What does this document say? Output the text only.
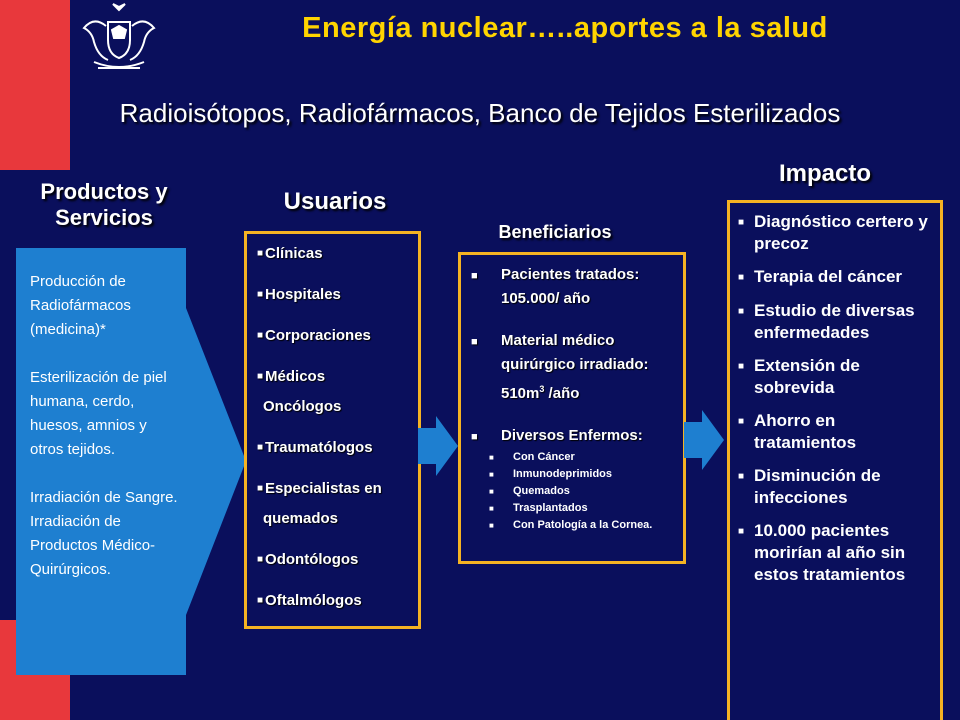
Energía nuclear…..aportes a la salud
Radioisótopos, Radiofármacos, Banco de Tejidos Esterilizados
Productos y Servicios
Usuarios
Beneficiarios
Impacto

Producción de Radiofármacos (medicina)*

Esterilización de piel humana, cerdo, huesos, amnios y otros tejidos.

Irradiación de Sangre.
Irradiación de Productos Médico-Quirúrgicos.

■ Clínicas
■ Hospitales
■ Corporaciones
■ Médicos
Oncólogos
■ Traumatólogos
■ Especialistas en
quemados
■ Odontólogos
■ Oftalmólogos
■	Pacientes tratados: 105.000/ año
■	Material médico quirúrgico irradiado: $510m^3$ /año
■	Diversos Enfermos:
■	Con Cáncer
■	Inmunodeprimidos
■	Quemados
■	Trasplantados
■	Con Patología a la Cornea.
■ Diagnóstico certero y precoz
■ Terapia del cáncer
■ Estudio de diversas enfermedades
■ Extensión de sobrevida
■ Ahorro en tratamientos
■ Disminución de infecciones
■ 10.000 pacientes morirían al año sin estos tratamientos
